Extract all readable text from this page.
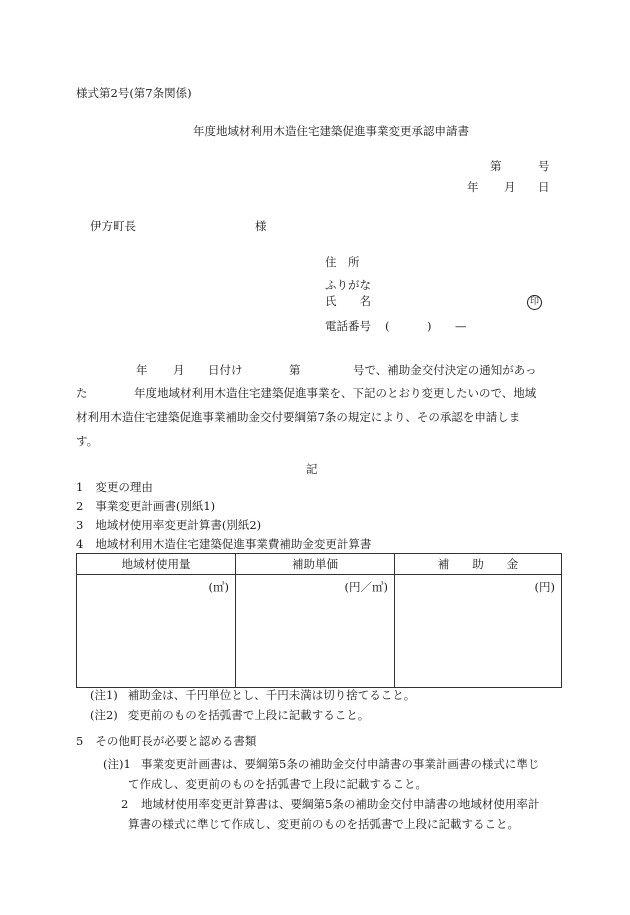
様式第2号(第7条関係)
年度地域材利用木造住宅建築促進事業変更承認申請書
第	号
年 月 日
伊方町長	様
住　所
ふりがな
氏　　名	印
電話番号 (	) —
年 月 日付け	第	号で、補助金交付決定の通知があっ
た	年度地域材利用木造住宅建築促進事業を、下記のとおり変更したいので、地域
材利用木造住宅建築促進事業補助金交付要綱第7条の規定により、その承認を申請しま
す。
記
1 変更の理由
2 事業変更計画書(別紙1)
3 地域材使用率変更計算書(別紙2)
4 地域材利用木造住宅建築促進事業費補助金変更計算書
地域材使用量	補助単価	補　　助　　金
(㎥)	(円／㎥)	(円)
(注1) 補助金は、千円単位とし、千円未満は切り捨てること。
(注2) 変更前のものを括弧書で上段に記載すること。
5 その他町長が必要と認める書類
(注)1 事業変更計画書は、要綱第5条の補助金交付申請書の事業計画書の様式に準じ
て作成し、変更前のものを括弧書で上段に記載すること。
2 地域材使用率変更計算書は、要綱第5条の補助金交付申請書の地域材使用率計
算書の様式に準じて作成し、変更前のものを括弧書で上段に記載すること。
